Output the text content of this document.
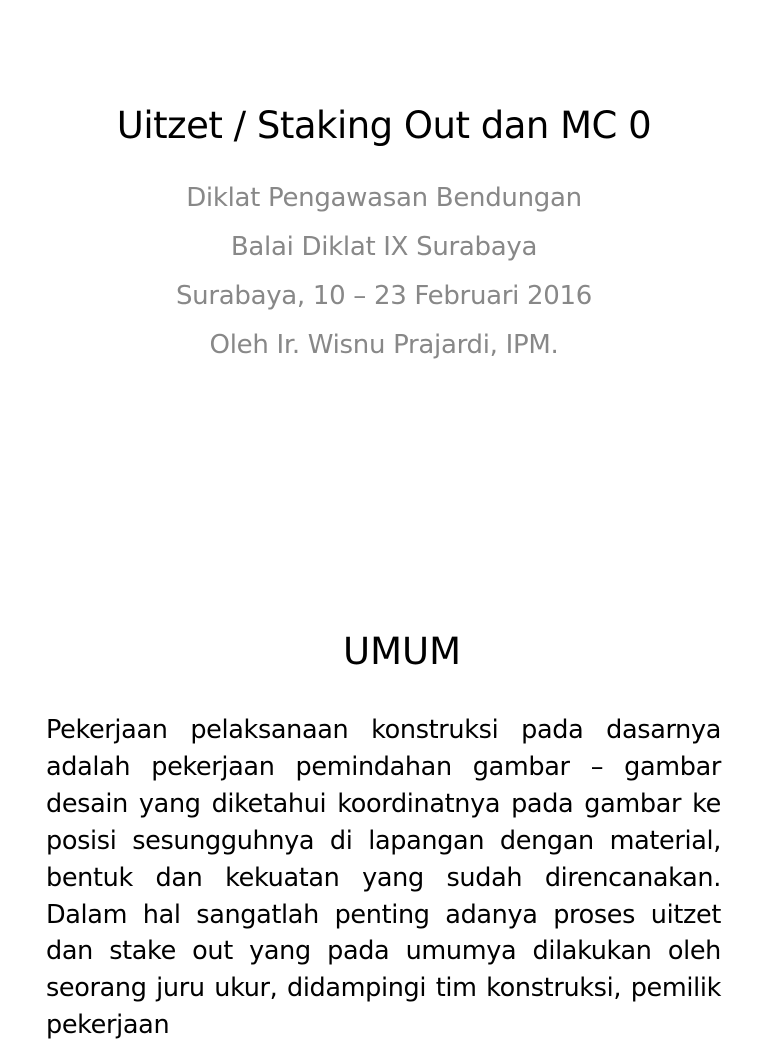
Uitzet / Staking Out dan MC 0
Diklat Pengawasan Bendungan
Balai Diklat IX Surabaya
Surabaya, 10 – 23 Februari 2016
Oleh Ir. Wisnu Prajardi, IPM.
UMUM

Pekerjaan pelaksanaan konstruksi pada dasarnya adalah pekerjaan pemindahan gambar – gambar desain yang diketahui koordinatnya pada gambar ke posisi sesungguhnya di lapangan dengan material, bentuk dan kekuatan yang sudah direncanakan. Dalam hal sangatlah penting adanya proses uitzet dan stake out yang pada umumya dilakukan oleh seorang juru ukur, didampingi tim konstruksi, pemilik pekerjaan
